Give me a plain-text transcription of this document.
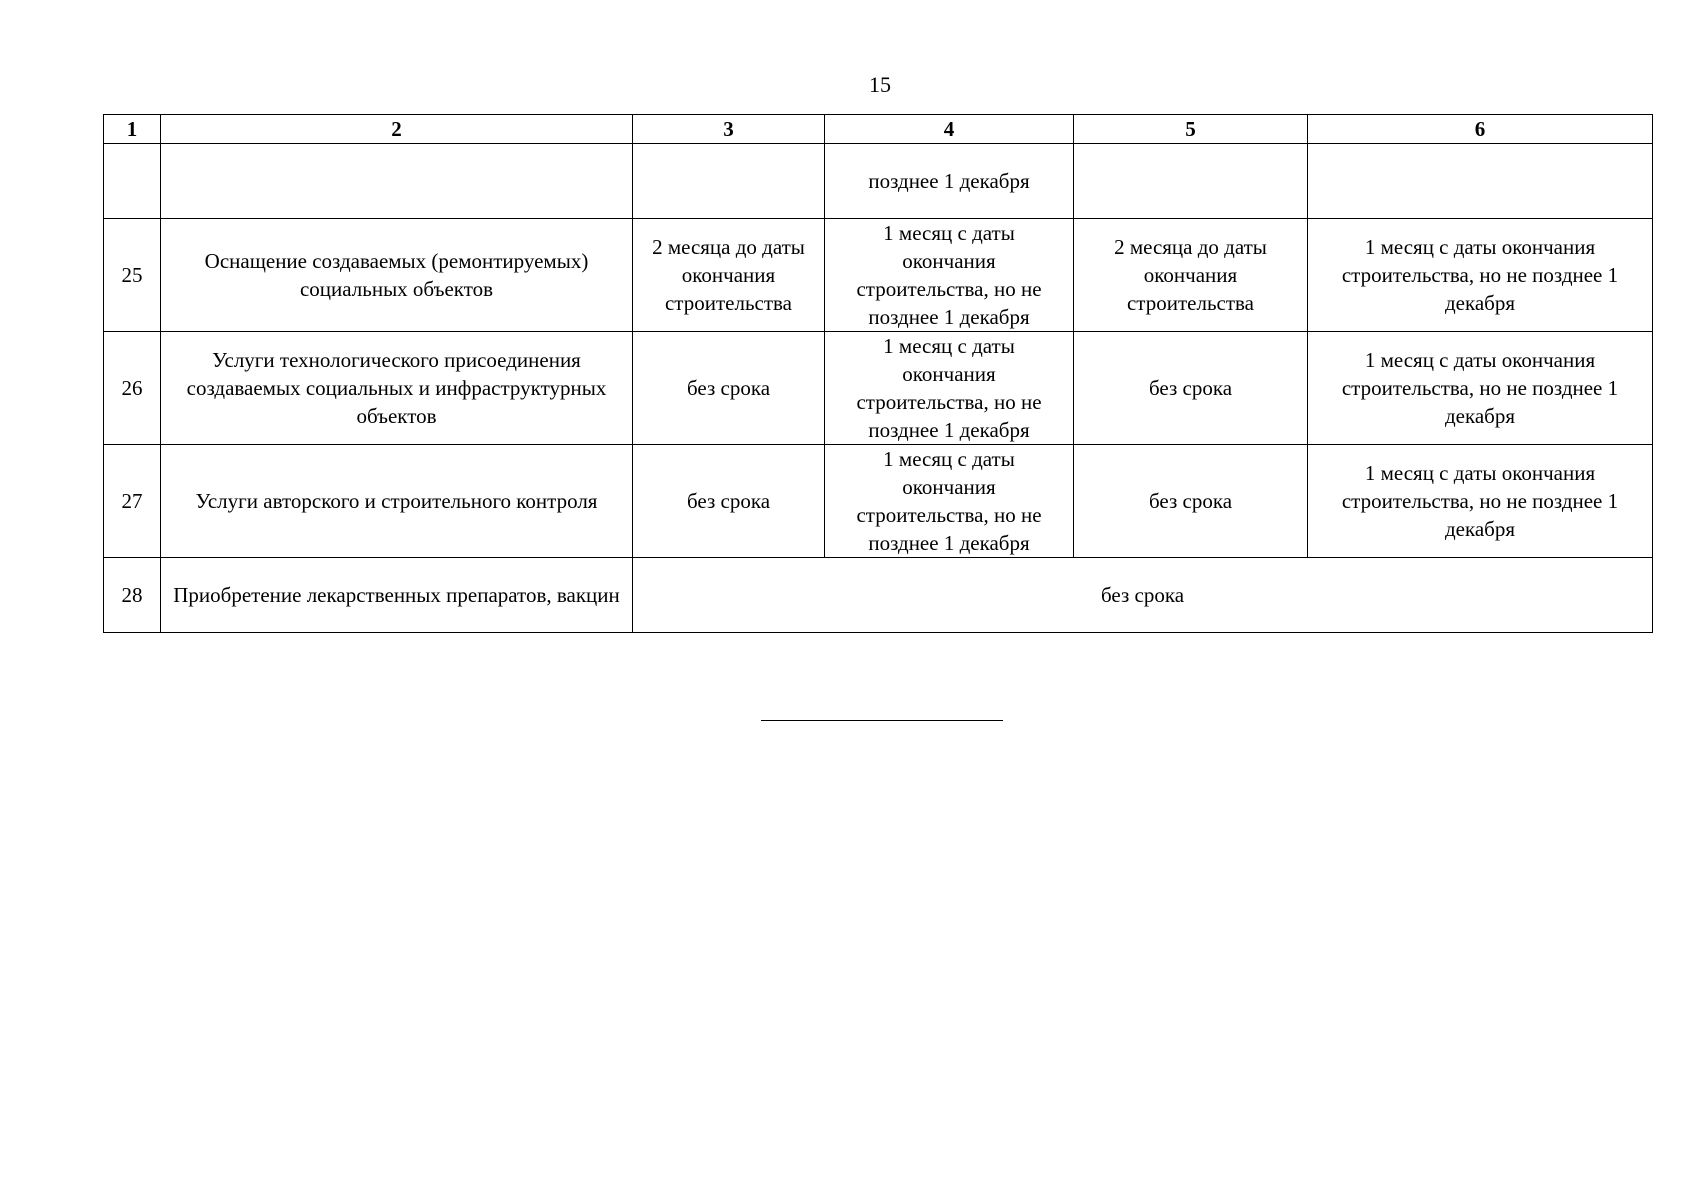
15
1	2	3	4	5	6
			позднее 1 декабря		
25	Оснащение создаваемых (ремонтируемых) социальных объектов	2 месяца до даты окончания строительства	1 месяц с даты окончания строительства, но не позднее 1 декабря	2 месяца до даты окончания строительства	1 месяц с даты окончания строительства, но не позднее 1 декабря
26	Услуги технологического присоединения создаваемых социальных и инфраструктурных объектов	без срока	1 месяц с даты окончания строительства, но не позднее 1 декабря	без срока	1 месяц с даты окончания строительства, но не позднее 1 декабря
27	Услуги авторского и строительного контроля	без срока	1 месяц с даты окончания строительства, но не позднее 1 декабря	без срока	1 месяц с даты окончания строительства, но не позднее 1 декабря
28	Приобретение лекарственных препаратов, вакцин	без срока			
